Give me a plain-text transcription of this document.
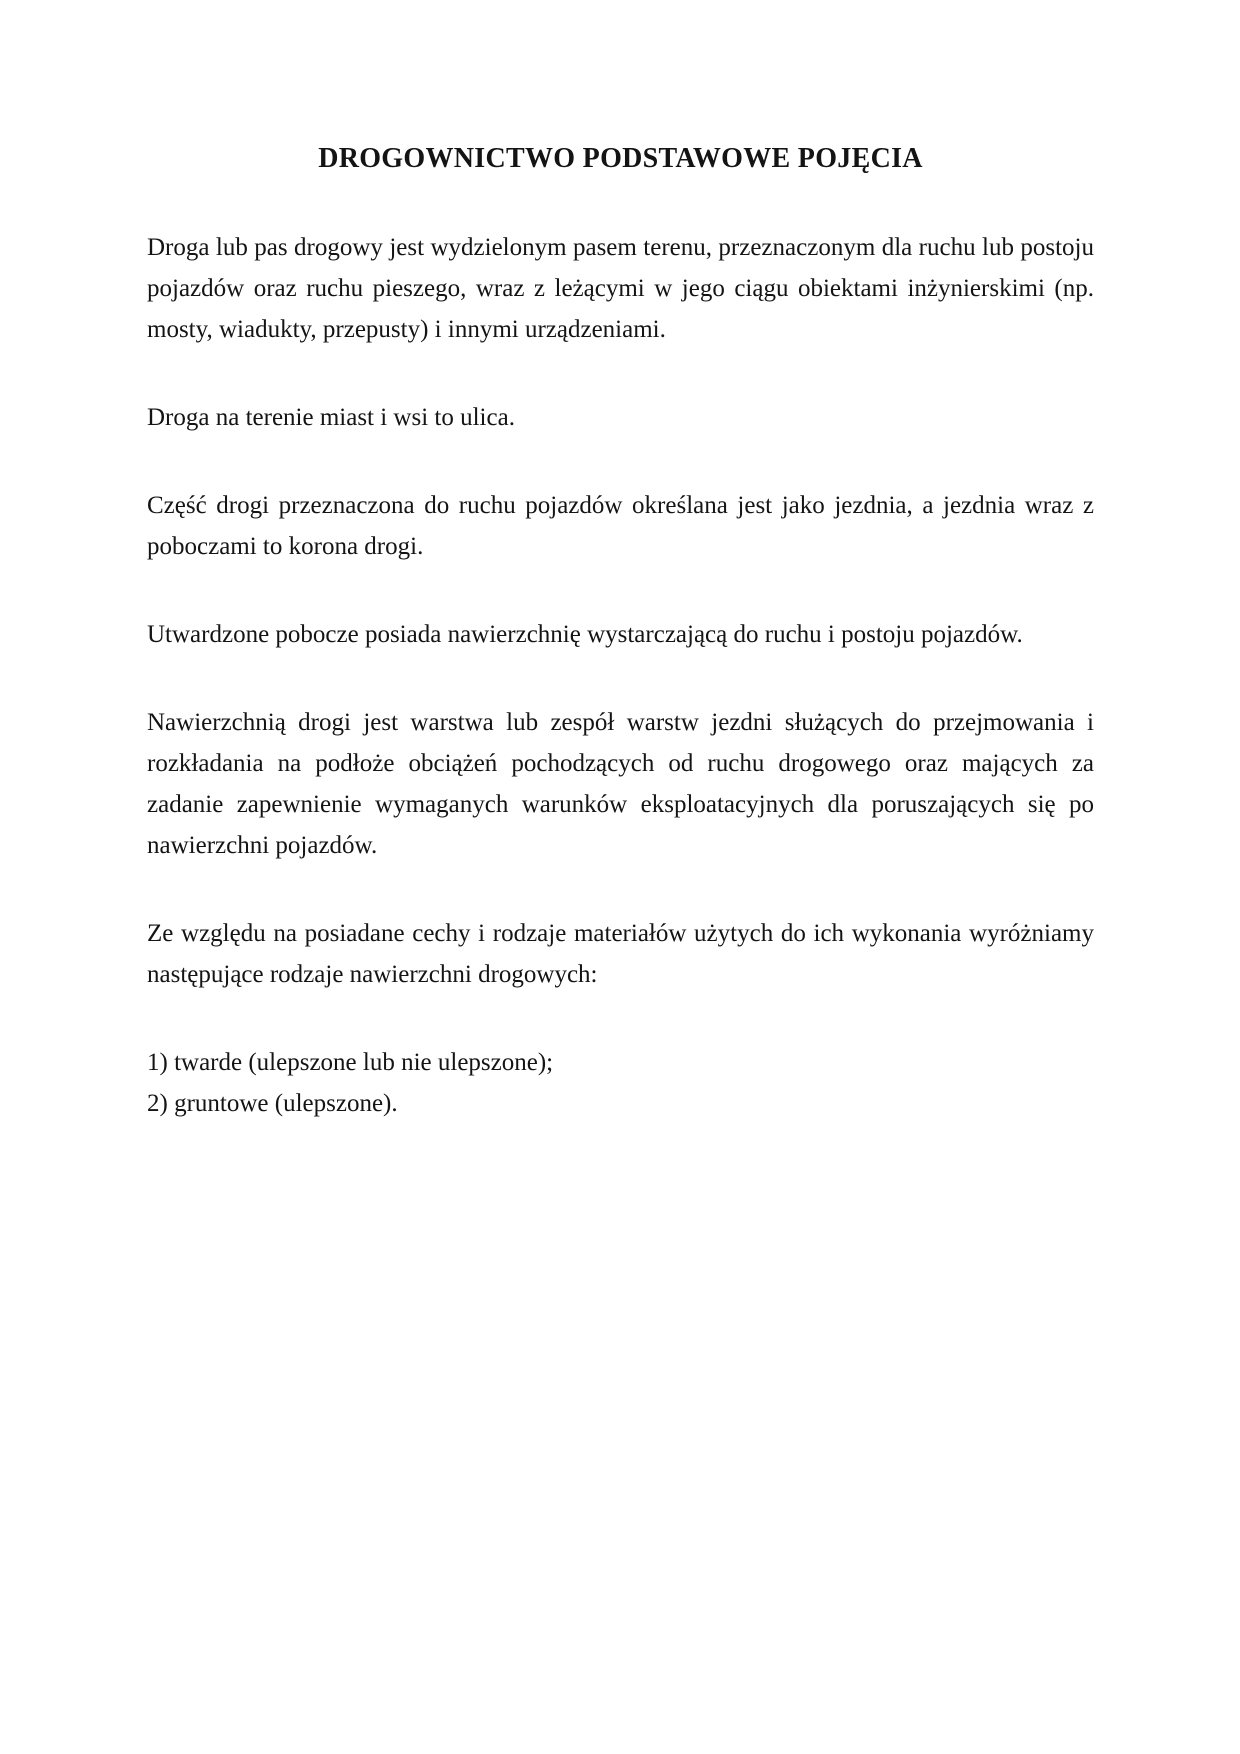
DROGOWNICTWO PODSTAWOWE POJĘCIA
Droga lub pas drogowy jest wydzielonym pasem terenu, przeznaczonym dla ruchu lub postoju
pojazdów oraz ruchu pieszego, wraz z leżącymi w jego ciągu obiektami inżynierskimi (np.
mosty, wiadukty, przepusty) i innymi urządzeniami.
Droga na terenie miast i wsi to ulica.
Część drogi przeznaczona do ruchu pojazdów określana jest jako jezdnia, a jezdnia wraz z
poboczami to korona drogi.
Utwardzone pobocze posiada nawierzchnię wystarczającą do ruchu i postoju pojazdów.
Nawierzchnią drogi jest warstwa lub zespół warstw jezdni służących do przejmowania i
rozkładania na podłoże obciążeń pochodzących od ruchu drogowego oraz mających za
zadanie zapewnienie wymaganych warunków eksploatacyjnych dla poruszających się po
nawierzchni pojazdów.
Ze względu na posiadane cechy i rodzaje materiałów użytych do ich wykonania wyróżniamy
następujące rodzaje nawierzchni drogowych:
1) twarde (ulepszone lub nie ulepszone);
2) gruntowe (ulepszone).
